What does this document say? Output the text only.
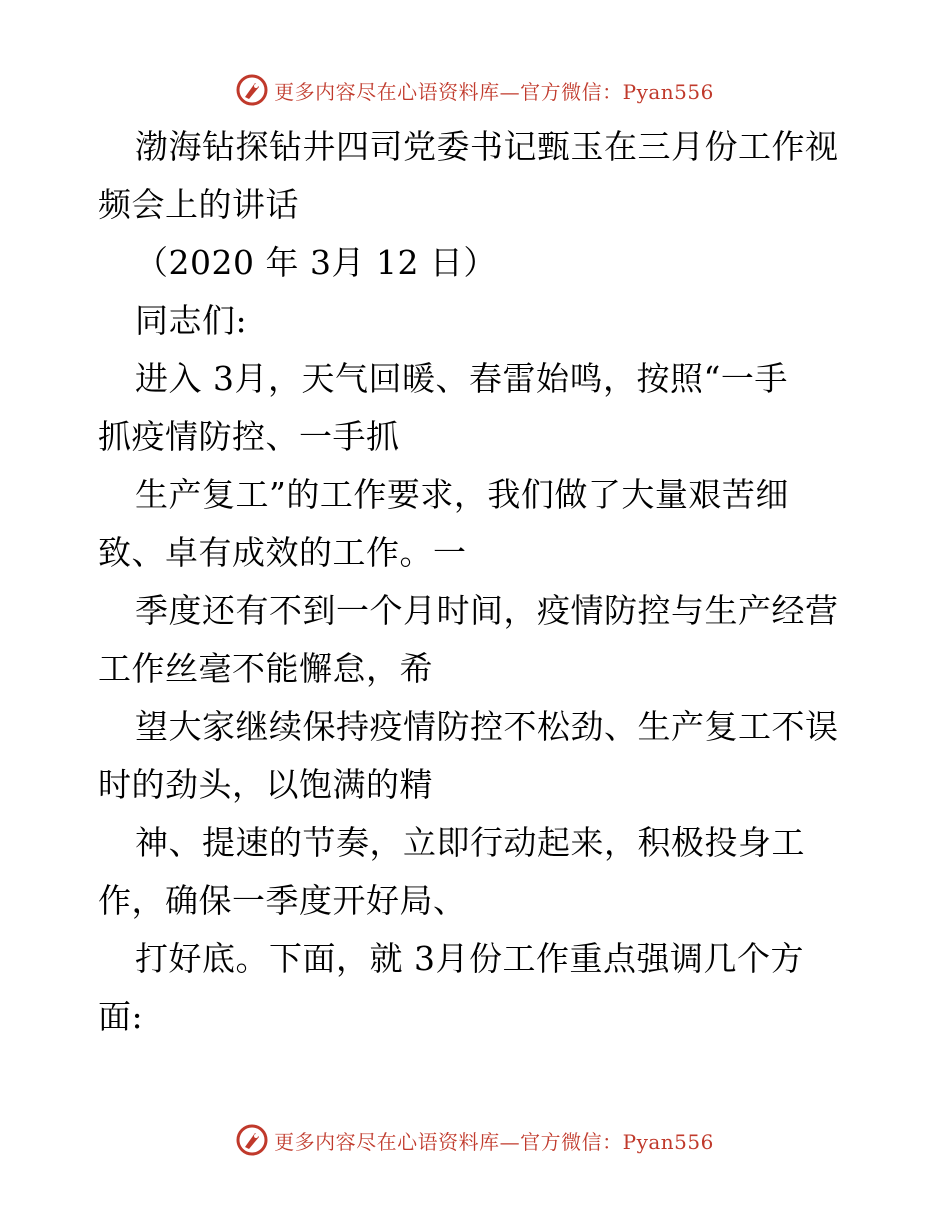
更多内容尽在心语资料库—官方微信：Pyan556
渤海钻探钻井四司党委书记甄玉在三月份工作视
频会上的讲话
（2020 年 3月 12 日）
同志们:
进入 3月，天气回暖、春雷始鸣，按照“一手
抓疫情防控、一手抓
生产复工”的工作要求，我们做了大量艰苦细
致、卓有成效的工作。一
季度还有不到一个月时间，疫情防控与生产经营
工作丝毫不能懈怠，希
望大家继续保持疫情防控不松劲、生产复工不误
时的劲头，以饱满的精
神、提速的节奏，立即行动起来，积极投身工
作，确保一季度开好局、
打好底。下面，就 3月份工作重点强调几个方
面:
更多内容尽在心语资料库—官方微信：Pyan556
